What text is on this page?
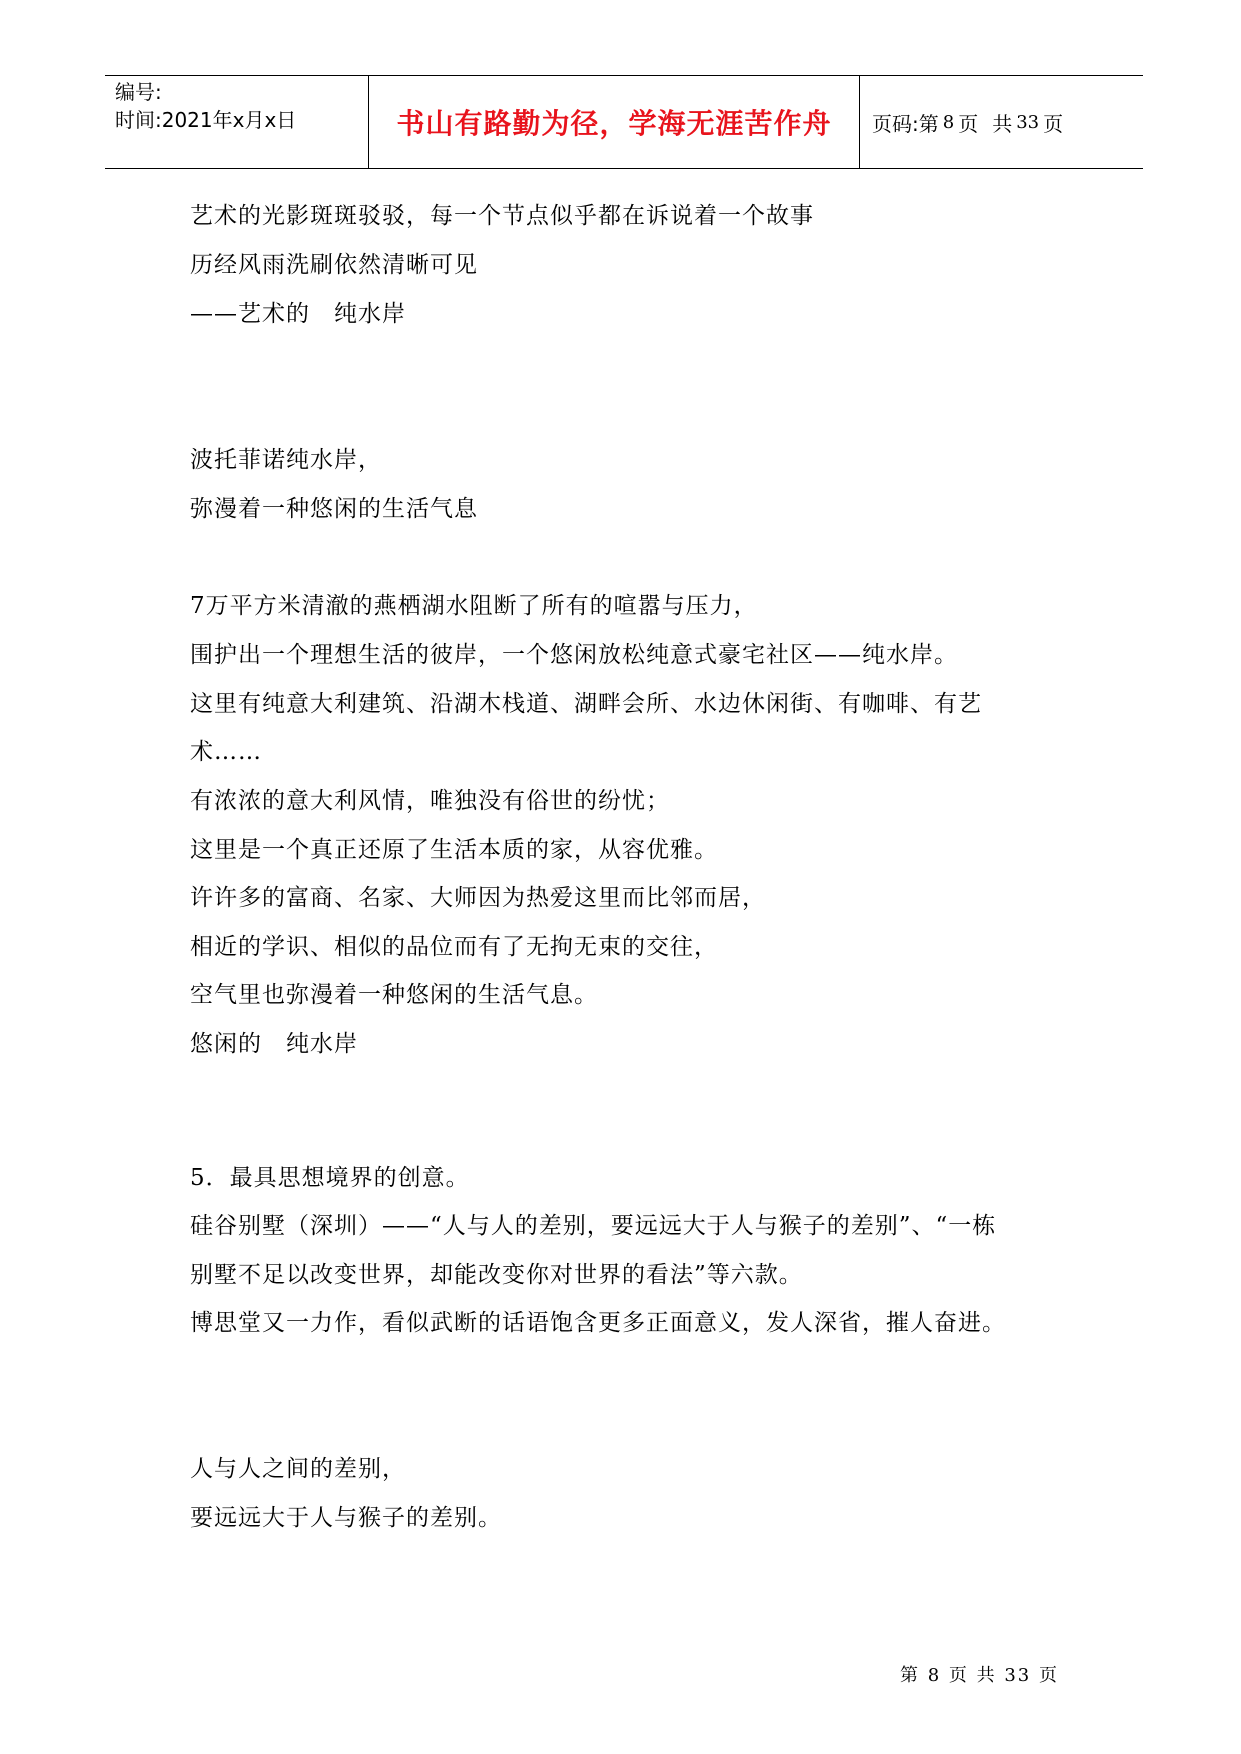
编号:
时间:2021年x月x日	书山有路勤为径，学海无涯苦作舟 页码:第 8 页 共 33 页
艺术的光影斑斑驳驳，每一个节点似乎都在诉说着一个故事
历经风雨洗刷依然清晰可见
——艺术的　纯水岸
波托菲诺纯水岸，
弥漫着一种悠闲的生活气息
7万平方米清澈的燕栖湖水阻断了所有的喧嚣与压力，
围护出一个理想生活的彼岸，一个悠闲放松纯意式豪宅社区——纯水岸。
这里有纯意大利建筑、沿湖木栈道、湖畔会所、水边休闲街、有咖啡、有艺
术……
有浓浓的意大利风情，唯独没有俗世的纷忧；
这里是一个真正还原了生活本质的家，从容优雅。
许许多的富商、名家、大师因为热爱这里而比邻而居，
相近的学识、相似的品位而有了无拘无束的交往，
空气里也弥漫着一种悠闲的生活气息。
悠闲的　纯水岸
5．最具思想境界的创意。
硅谷别墅（深圳）——“人与人的差别，要远远大于人与猴子的差别”、“一栋
别墅不足以改变世界，却能改变你对世界的看法”等六款。
博思堂又一力作，看似武断的话语饱含更多正面意义，发人深省，摧人奋进。
人与人之间的差别，
要远远大于人与猴子的差别。
第 8 页 共 33 页
